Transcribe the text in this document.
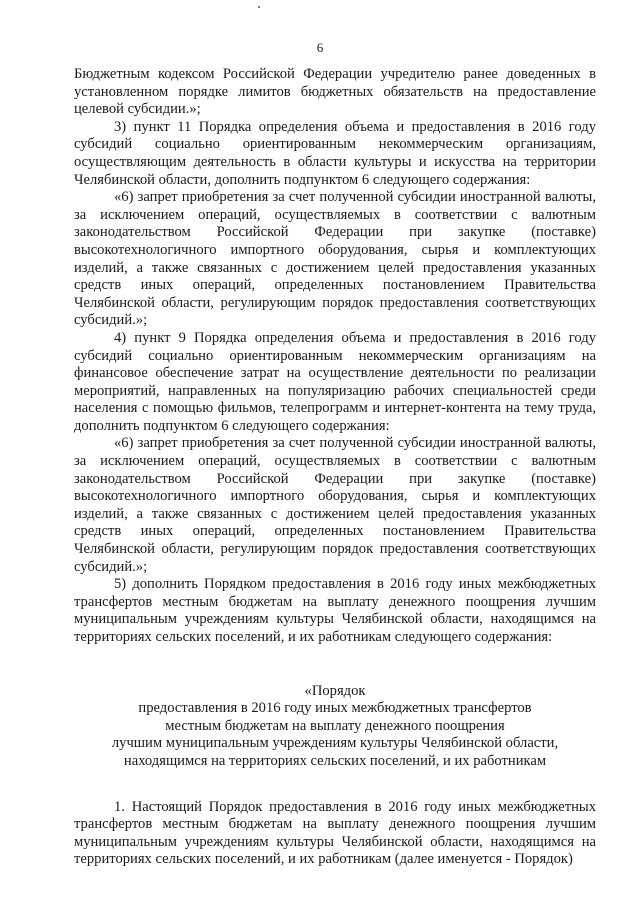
6

Бюджетным кодексом Российской Федерации учредителю ранее доведенных в установленном порядке лимитов бюджетных обязательств на предоставление целевой субсидии.»;

3) пункт 11 Порядка определения объема и предоставления в 2016 году субсидий социально ориентированным некоммерческим организациям, осуществляющим деятельность в области культуры и искусства на территории Челябинской области, дополнить подпунктом 6 следующего содержания:

«6) запрет приобретения за счет полученной субсидии иностранной валюты, за исключением операций, осуществляемых в соответствии с валютным законодательством Российской Федерации при закупке (поставке) высокотехнологичного импортного оборудования, сырья и комплектующих изделий, а также связанных с достижением целей предоставления указанных средств иных операций, определенных постановлением Правительства Челябинской области, регулирующим порядок предоставления соответствующих субсидий.»;

4) пункт 9 Порядка определения объема и предоставления в 2016 году субсидий социально ориентированным некоммерческим организациям на финансовое обеспечение затрат на осуществление деятельности по реализации мероприятий, направленных на популяризацию рабочих специальностей среди населения с помощью фильмов, телепрограмм и интернет-контента на тему труда, дополнить подпунктом 6 следующего содержания:

«6) запрет приобретения за счет полученной субсидии иностранной валюты, за исключением операций, осуществляемых в соответствии с валютным законодательством Российской Федерации при закупке (поставке) высокотехнологичного импортного оборудования, сырья и комплектующих изделий, а также связанных с достижением целей предоставления указанных средств иных операций, определенных постановлением Правительства Челябинской области, регулирующим порядок предоставления соответствующих субсидий.»;

5) дополнить Порядком предоставления в 2016 году иных межбюджетных трансфертов местным бюджетам на выплату денежного поощрения лучшим муниципальным учреждениям культуры Челябинской области, находящимся на территориях сельских поселений, и их работникам следующего содержания:

«Порядок

предоставления в 2016 году иных межбюджетных трансфертов

местным бюджетам на выплату денежного поощрения

лучшим муниципальным учреждениям культуры Челябинской области,

находящимся на территориях сельских поселений, и их работникам

1. Настоящий Порядок предоставления в 2016 году иных межбюджетных трансфертов местным бюджетам на выплату денежного поощрения лучшим муниципальным учреждениям культуры Челябинской области, находящимся на территориях сельских поселений, и их работникам (далее именуется - Порядок)
